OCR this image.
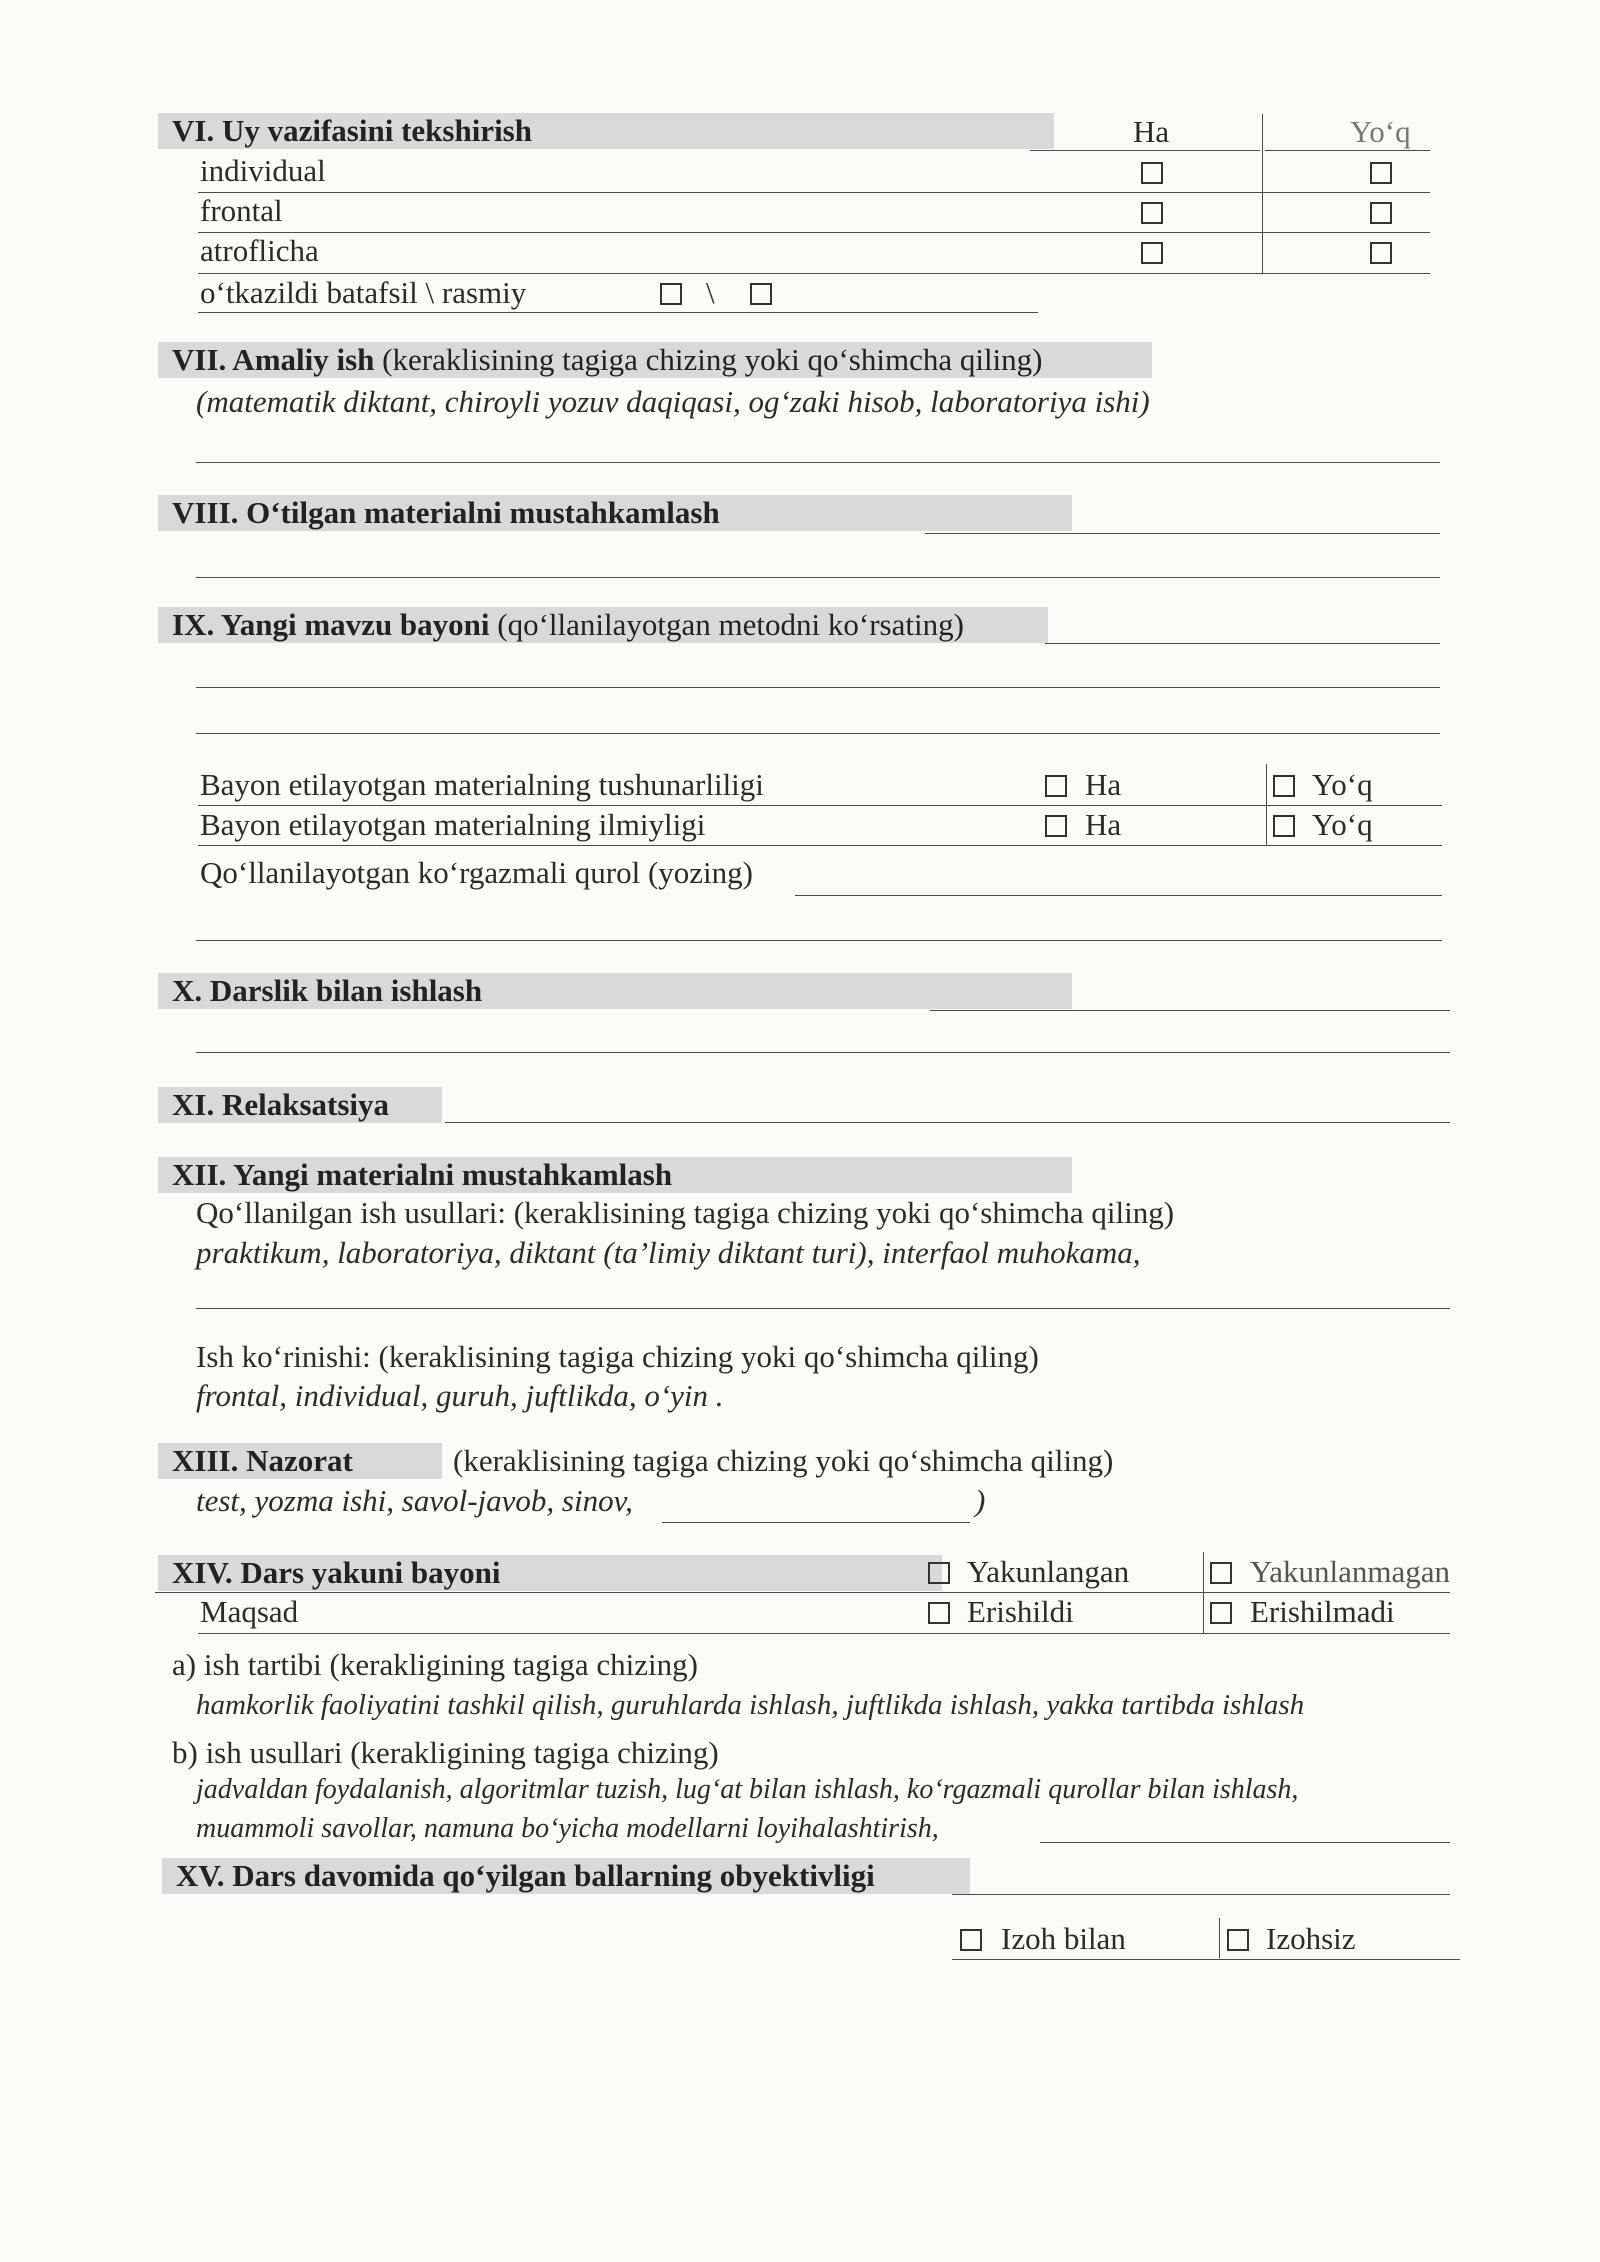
VI. Uy vazifasini tekshirish	Ha	Yo‘q
individual
frontal
atroflicha
o‘tkazildi batafsil \ rasmiy	\
VII. Amaliy ish (keraklisining tagiga chizing yoki qo‘shimcha qiling)
(matematik diktant, chiroyli yozuv daqiqasi, og‘zaki hisob, laboratoriya ishi)
VIII. O‘tilgan materialni mustahkamlash
IX. Yangi mavzu bayoni (qo‘llanilayotgan metodni ko‘rsating)
Bayon etilayotgan materialning tushunarliligi	Ha	Yo‘q
Bayon etilayotgan materialning ilmiyligi	Ha	Yo‘q
Qo‘llanilayotgan ko‘rgazmali qurol (yozing)
X. Darslik bilan ishlash
XI. Relaksatsiya
XII. Yangi materialni mustahkamlash
Qo‘llanilgan ish usullari: (keraklisining tagiga chizing yoki qo‘shimcha qiling)
praktikum, laboratoriya, diktant (ta’limiy diktant turi), interfaol muhokama,
Ish ko‘rinishi: (keraklisining tagiga chizing yoki qo‘shimcha qiling)
frontal, individual, guruh, juftlikda, o‘yin .
XIII. Nazorat	(keraklisining tagiga chizing yoki qo‘shimcha qiling)
test, yozma ishi, savol-javob, sinov,	)
XIV. Dars yakuni bayoni	Yakunlangan	Yakunlanmagan
Maqsad	Erishildi	Erishilmadi
a) ish tartibi (kerakligining tagiga chizing)
hamkorlik faoliyatini tashkil qilish, guruhlarda ishlash, juftlikda ishlash, yakka tartibda ishlash
b) ish usullari (kerakligining tagiga chizing)
jadvaldan foydalanish, algoritmlar tuzish, lug‘at bilan ishlash, ko‘rgazmali qurollar bilan ishlash,
muammoli savollar, namuna bo‘yicha modellarni loyihalashtirish,
XV. Dars davomida qo‘yilgan ballarning obyektivligi
Izoh bilan	Izohsiz
